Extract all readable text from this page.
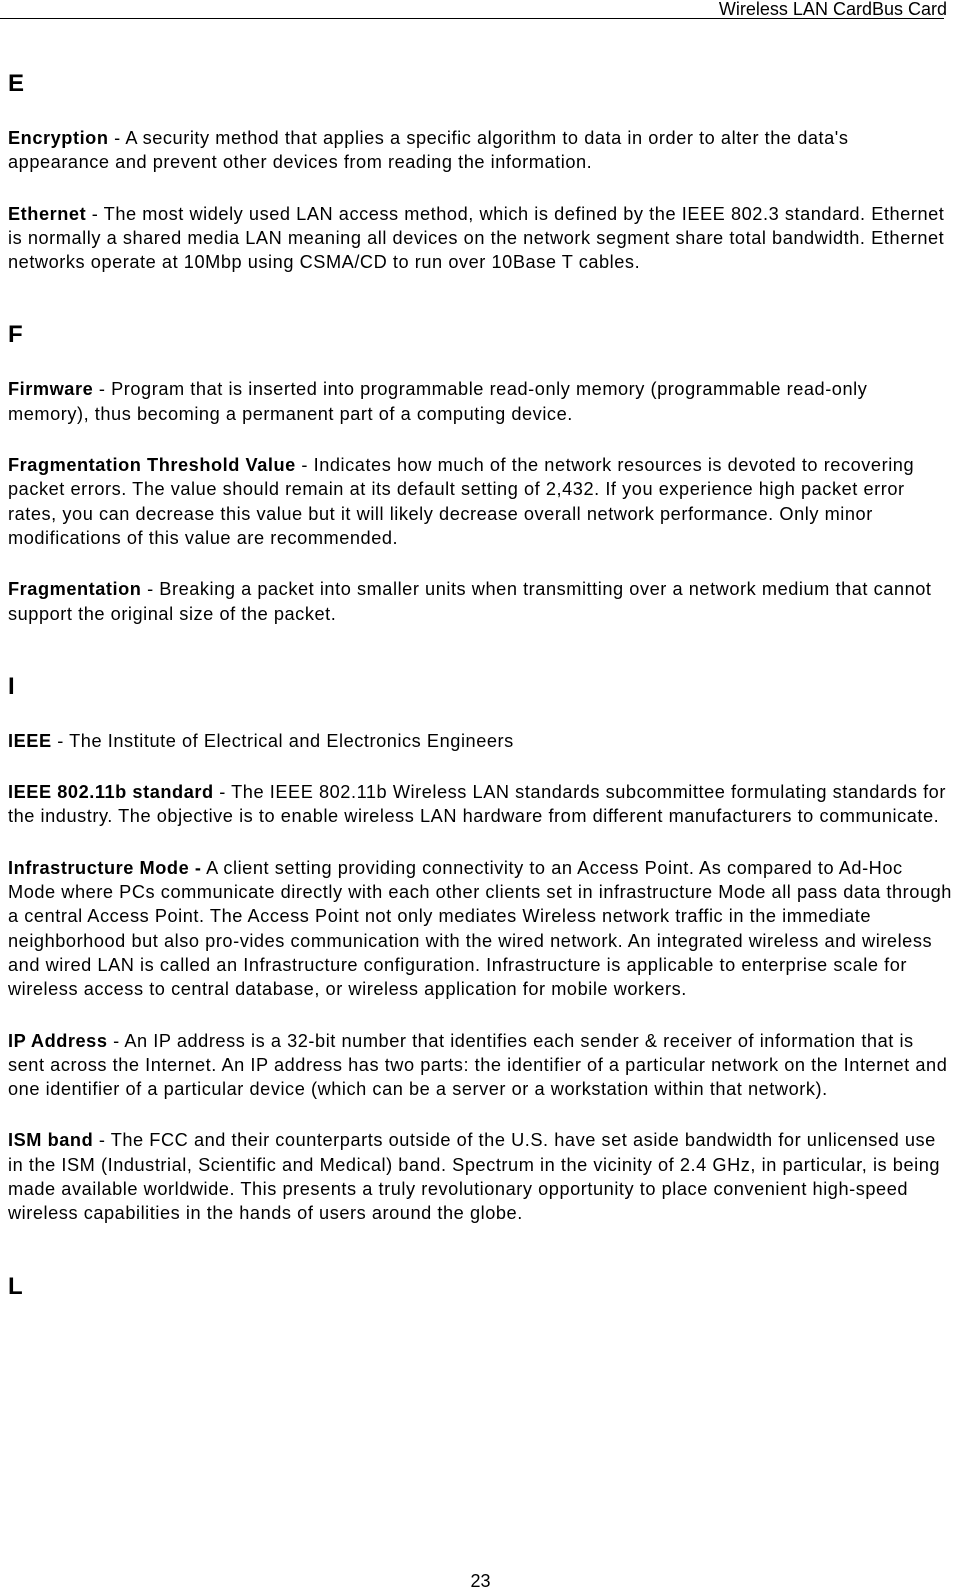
Wireless LAN CardBus Card
E

Encryption - A security method that applies a specific algorithm to data in order to alter the data's appearance and prevent other devices from reading the information.

Ethernet - The most widely used LAN access method, which is defined by the IEEE 802.3 standard. Ethernet is normally a shared media LAN meaning all devices on the network segment share total bandwidth. Ethernet networks operate at 10Mbp using CSMA/CD to run over 10Base T cables.

F

Firmware - Program that is inserted into programmable read-only memory (programmable read-only memory), thus becoming a permanent part of a computing device.

Fragmentation Threshold Value - Indicates how much of the network resources is devoted to recovering packet errors. The value should remain at its default setting of 2,432. If you experience high packet error rates, you can decrease this value but it will likely decrease overall network performance. Only minor modifications of this value are recommended.

Fragmentation - Breaking a packet into smaller units when transmitting over a network medium that cannot support the original size of the packet.

I

IEEE - The Institute of Electrical and Electronics Engineers

IEEE 802.11b standard - The IEEE 802.11b Wireless LAN standards subcommittee formulating standards for the industry. The objective is to enable wireless LAN hardware from different manufacturers to communicate.

Infrastructure Mode - A client setting providing connectivity to an Access Point. As compared to Ad-Hoc Mode where PCs communicate directly with each other clients set in infrastructure Mode all pass data through a central Access Point. The Access Point not only mediates Wireless network traffic in the immediate neighborhood but also pro-vides communication with the wired network. An integrated wireless and wireless and wired LAN is called an Infrastructure configuration. Infrastructure is applicable to enterprise scale for wireless access to central database, or wireless application for mobile workers.

IP Address - An IP address is a 32-bit number that identifies each sender & receiver of information that is sent across the Internet. An IP address has two parts: the identifier of a particular network on the Internet and one identifier of a particular device (which can be a server or a workstation within that network).

ISM band - The FCC and their counterparts outside of the U.S. have set aside bandwidth for unlicensed use in the ISM (Industrial, Scientific and Medical) band. Spectrum in the vicinity of 2.4 GHz, in particular, is being made available worldwide. This presents a truly revolutionary opportunity to place convenient high-speed wireless capabilities in the hands of users around the globe.

L
23
